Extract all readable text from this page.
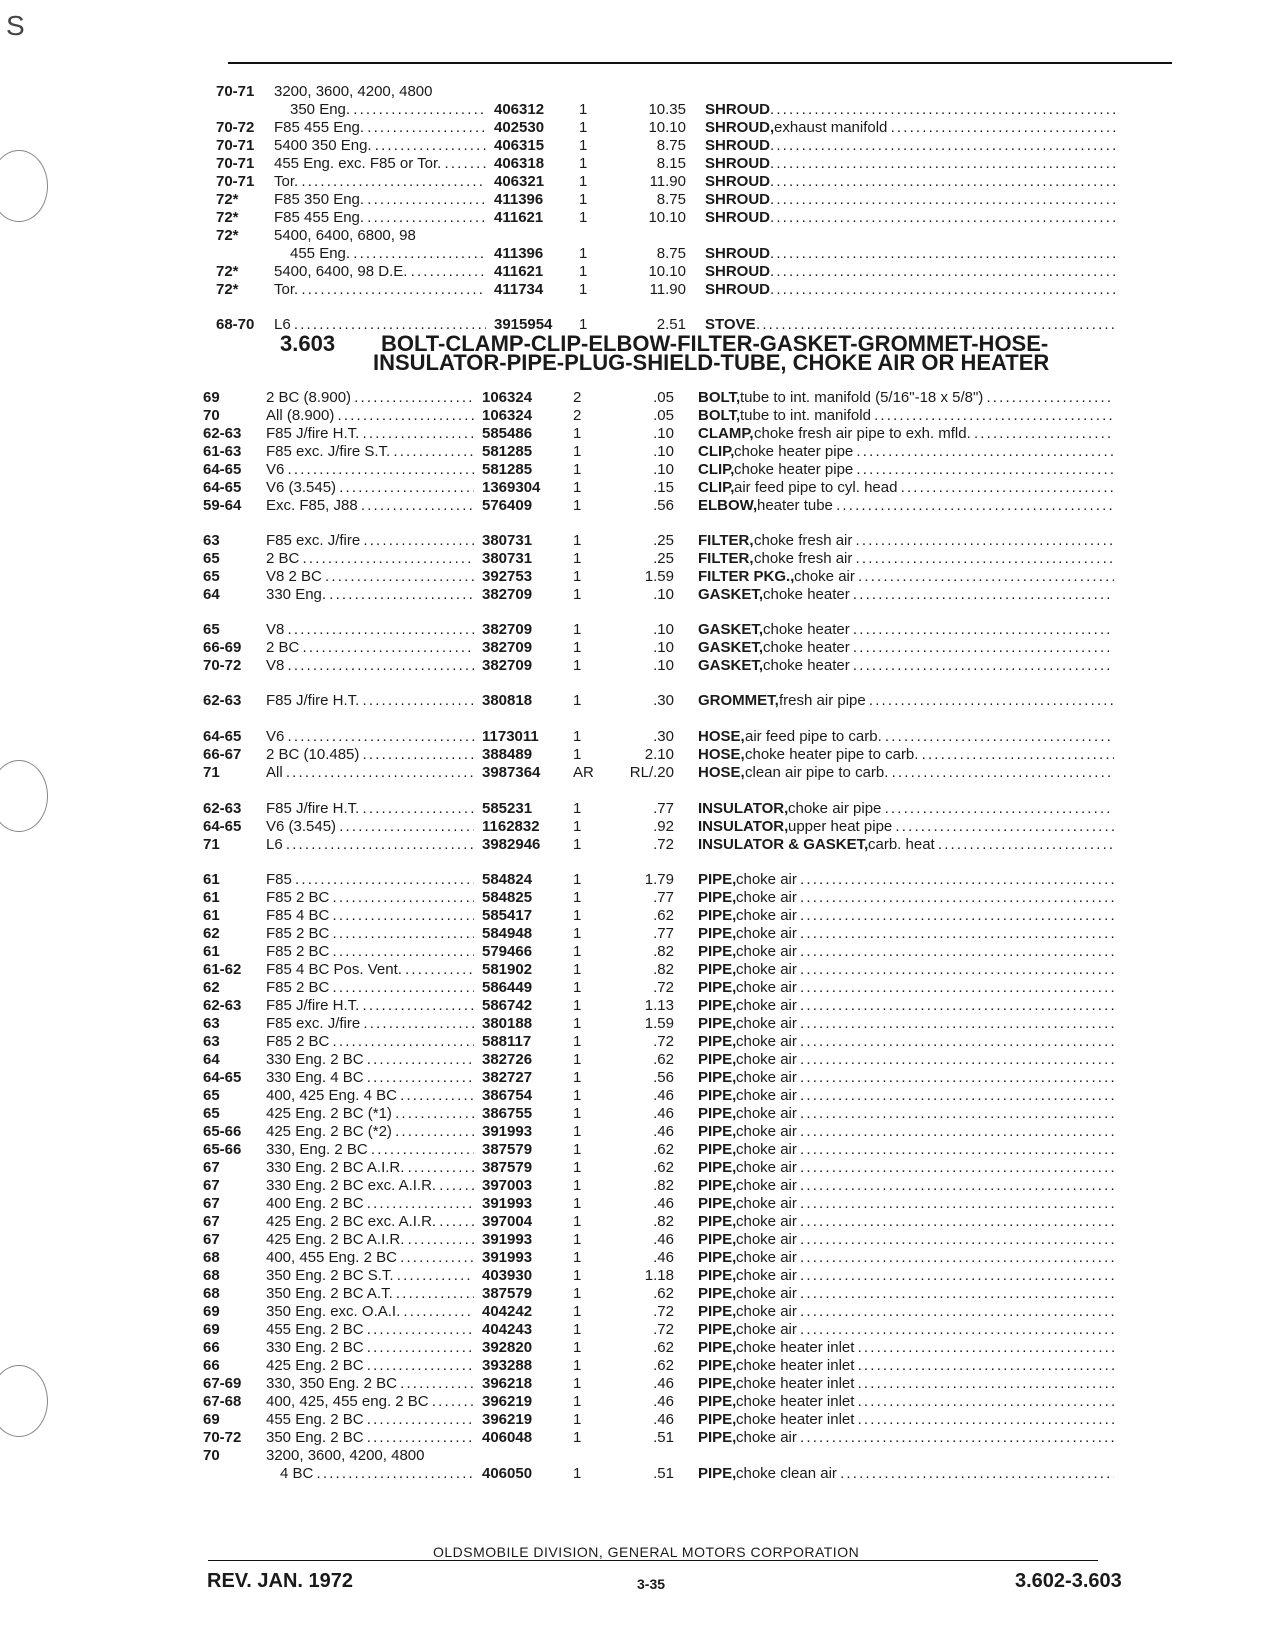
S
70-71 3200, 3600, 4200, 4800
350 Eng. . . .	406312 1	10.35 SHROUD
. . .
70-72 F85 455 Eng. . . .	402530 1	10.10 SHROUD, exhaust manifold . . .
70-71 5400 350 Eng. . . .	406315 1	8.75 SHROUD
. . .
70-71 455 Eng. exc. F85 or Tor. . . .	406318 1	8.15 SHROUD
. . .
70-71 Tor. . . .	406321 1	11.90 SHROUD
. . .
72* F85 350 Eng. . . .	411396 1	8.75 SHROUD
. . .
72* F85 455 Eng. . . .	411621 1	10.10 SHROUD
. . .
72* 5400, 6400, 6800, 98
455 Eng. . . .	411396 1	8.75 SHROUD
. . .
72* 5400, 6400, 98 D.E. . . .	411621 1	10.10 SHROUD
. . .
72* Tor. . . .	411734 1	11.90 SHROUD
. . .
68-70 L6 . . .	3915954 1	2.51 STOVE
. . .
69	2 BC (8.900) . . .	106324	2	.05 BOLT, tube to int. manifold (5/16"-18 x 5/8") . . .
70	All (8.900) . . .	106324	2	.05 BOLT, tube to int. manifold . . .
62-63 F85 J/fire H.T. . . .	585486	1	.10 CLAMP, choke fresh air pipe to exh. mfld. . . .
61-63 F85 exc. J/fire S.T. . . .	581285	1	.10 CLIP, choke heater pipe . . .
64-65 V6 . . .	581285	1	.10 CLIP, choke heater pipe . . .
64-65 V6 (3.545) . . .	1369304 1	.15 CLIP, air feed pipe to cyl. head . . .
59-64 Exc. F85, J88 . . .	576409	1	.56 ELBOW, heater tube . . .
63	F85 exc. J/fire . . .	380731	1	.25 FILTER, choke fresh air . . .
65	2 BC . . .	380731	1	.25 FILTER, choke fresh air . . .
65	V8 2 BC . . .	392753	1	1.59 FILTER PKG., choke air . . .
64	330 Eng. . . .	382709	1	.10 GASKET, choke heater . . .
65	V8 . . .	382709	1	.10 GASKET, choke heater . . .
66-69 2 BC . . .	382709	1	.10 GASKET, choke heater . . .
70-72 V8 . . .	382709	1	.10 GASKET, choke heater . . .
62-63 F85 J/fire H.T. . . .	380818	1	.30 GROMMET, fresh air pipe . . .
64-65 V6 . . .	1173011 1	.30 HOSE, air feed pipe to carb. . . .
66-67 2 BC (10.485) . . .	388489	1	2.10 HOSE, choke heater pipe to carb. . . .
71	All . . .	3987364 AR	RL/.20 HOSE, clean air pipe to carb. . . .
62-63 F85 J/fire H.T. . . .	585231	1	.77 INSULATOR, choke air pipe . . .
64-65 V6 (3.545) . . .	1162832 1	.92 INSULATOR, upper heat pipe . . .
71	L6 . . .	3982946 1	.72 INSULATOR & GASKET, carb. heat . . .
61	F85 . . .	584824	1	1.79 PIPE, choke air . . .
61	F85 2 BC . . .	584825	1	.77 PIPE, choke air . . .
61	F85 4 BC . . .	585417	1	.62 PIPE, choke air . . .
62	F85 2 BC . . .	584948	1	.77 PIPE, choke air . . .
61	F85 2 BC . . .	579466	1	.82 PIPE, choke air . . .
61-62 F85 4 BC Pos. Vent. . . .	581902	1	.82 PIPE, choke air . . .
62	F85 2 BC . . .	586449	1	.72 PIPE, choke air . . .
62-63 F85 J/fire H.T. . . .	586742	1	1.13 PIPE, choke air . . .
63	F85 exc. J/fire . . .	380188	1	1.59 PIPE, choke air . . .
63	F85 2 BC . . .	588117	1	.72 PIPE, choke air . . .
64	330 Eng. 2 BC . . .	382726	1	.62 PIPE, choke air . . .
64-65 330 Eng. 4 BC . . .	382727	1	.56 PIPE, choke air . . .
65	400, 425 Eng. 4 BC . . .	386754	1	.46 PIPE, choke air . . .
65	425 Eng. 2 BC (*1) . . .	386755	1	.46 PIPE, choke air . . .
65-66 425 Eng. 2 BC (*2) . . .	391993	1	.46 PIPE, choke air . . .
65-66 330, Eng. 2 BC . . .	387579	1	.62 PIPE, choke air . . .
67	330 Eng. 2 BC A.I.R. . . .	387579	1	.62 PIPE, choke air . . .
67	330 Eng. 2 BC exc. A.I.R. . . .	397003	1	.82 PIPE, choke air . . .
67	400 Eng. 2 BC . . .	391993	1	.46 PIPE, choke air . . .
67	425 Eng. 2 BC exc. A.I.R. . . .	397004	1	.82 PIPE, choke air . . .
67	425 Eng. 2 BC A.I.R. . . .	391993	1	.46 PIPE, choke air . . .
68	400, 455 Eng. 2 BC . . .	391993	1	.46 PIPE, choke air . . .
68	350 Eng. 2 BC S.T. . . .	403930	1	1.18 PIPE, choke air . . .
68	350 Eng. 2 BC A.T. . . .	387579	1	.62 PIPE, choke air . . .
69	350 Eng. exc. O.A.I. . . .	404242	1	.72 PIPE, choke air . . .
69	455 Eng. 2 BC . . .	404243	1	.72 PIPE, choke air . . .
66	330 Eng. 2 BC . . .	392820	1	.62 PIPE, choke heater inlet . . .
66	425 Eng. 2 BC . . .	393288	1	.62 PIPE, choke heater inlet . . .
67-69 330, 350 Eng. 2 BC . . .	396218	1	.46 PIPE, choke heater inlet . . .
67-68 400, 425, 455 eng. 2 BC . . .	396219	1	.46 PIPE, choke heater inlet . . .
69	455 Eng. 2 BC . . .	396219	1	.46 PIPE, choke heater inlet . . .
70-72 350 Eng. 2 BC . . .	406048	1	.51 PIPE, choke air . . .
70	3200, 3600, 4200, 4800
4 BC . . .	406050	1	.51 PIPE, choke clean air . . .
3.603 BOLT-CLAMP-CLIP-ELBOW-FILTER-GASKET-GROMMET-HOSE-
INSULATOR-PIPE-PLUG-SHIELD-TUBE, CHOKE AIR OR HEATER
OLDSMOBILE DIVISION, GENERAL MOTORS CORPORATION
REV. JAN. 1972	3-35	3.602-3.603
